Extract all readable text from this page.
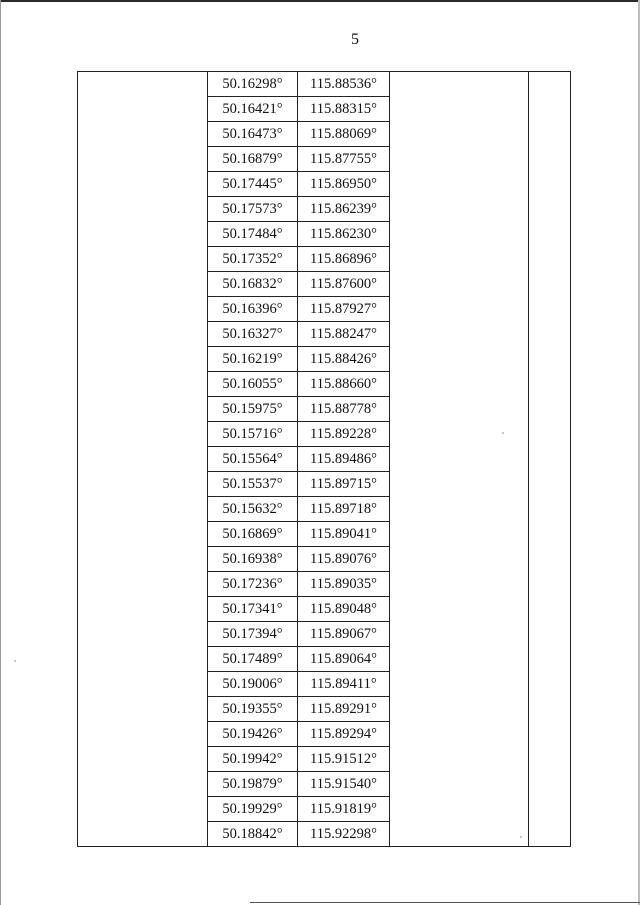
5
	50.16298°	115.88536°		
	50.16421°	115.88315°		
	50.16473°	115.88069°		
	50.16879°	115.87755°		
	50.17445°	115.86950°		
	50.17573°	115.86239°		
	50.17484°	115.86230°		
	50.17352°	115.86896°		
	50.16832°	115.87600°		
	50.16396°	115.87927°		
	50.16327°	115.88247°		
	50.16219°	115.88426°		
	50.16055°	115.88660°		
	50.15975°	115.88778°		
	50.15716°	115.89228°		
	50.15564°	115.89486°		
	50.15537°	115.89715°		
	50.15632°	115.89718°		
	50.16869°	115.89041°		
	50.16938°	115.89076°		
	50.17236°	115.89035°		
	50.17341°	115.89048°		
	50.17394°	115.89067°		
	50.17489°	115.89064°		
	50.19006°	115.89411°		
	50.19355°	115.89291°		
	50.19426°	115.89294°		
	50.19942°	115.91512°		
	50.19879°	115.91540°		
	50.19929°	115.91819°		
	50.18842°	115.92298°		
